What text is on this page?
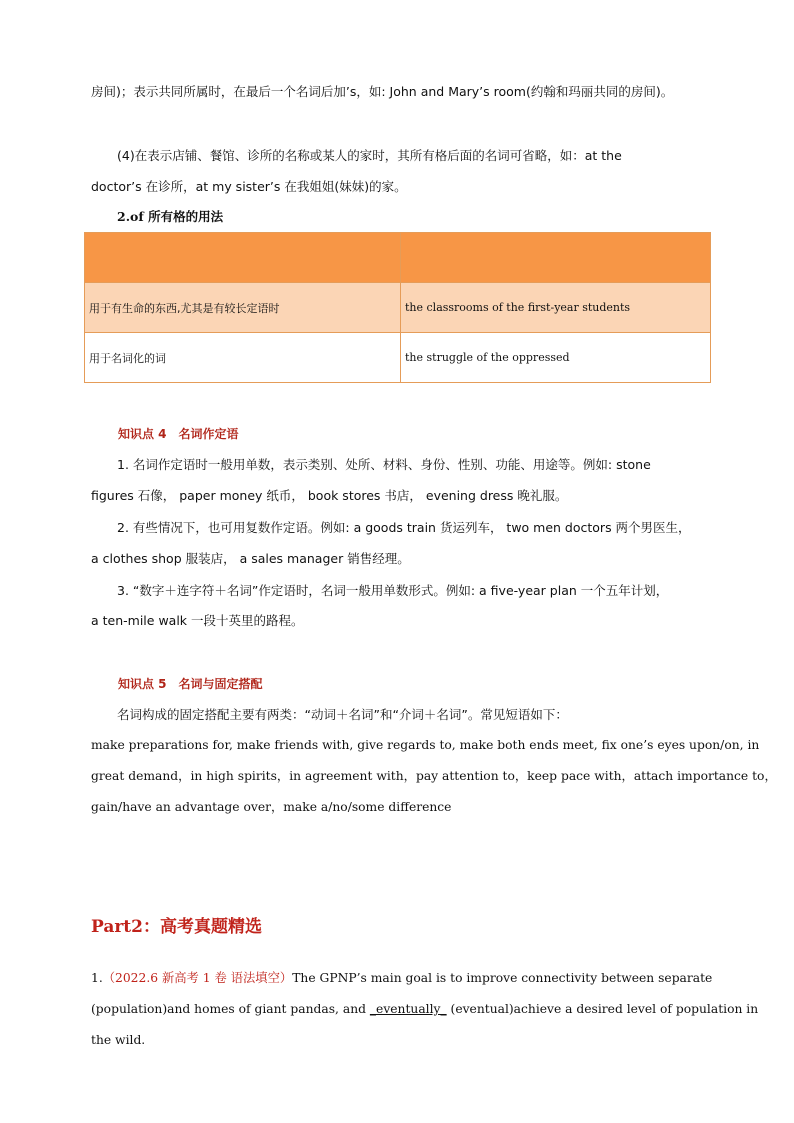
房间)；表示共同所属时，在最后一个名词后加’s，如: John and Mary’s room(约翰和玛丽共同的房间)。
(4)在表示店铺、餐馆、诊所的名称或某人的家时，其所有格后面的名词可省略，如：at the
doctor’s 在诊所，at my sister’s 在我姐姐(妹妹)的家。
2.of 所有格的用法

用于有生命的东西,尤其是有较长定语时	the classrooms of the first-year students
用于名词化的词	the struggle of the oppressed
知识点 4　名词作定语
1. 名词作定语时一般用单数，表示类别、处所、材料、身份、性别、功能、用途等。例如: stone
figures 石像， paper money 纸币， book stores 书店， evening dress 晚礼服。
2. 有些情况下，也可用复数作定语。例如: a goods train 货运列车， two men doctors 两个男医生，
a clothes shop 服装店， a sales manager 销售经理。
3. “数字＋连字符＋名词”作定语时，名词一般用单数形式。例如: a five-year plan 一个五年计划，
a ten-mile walk 一段十英里的路程。
知识点 5　名词与固定搭配
名词构成的固定搭配主要有两类：“动词＋名词”和“介词＋名词”。常见短语如下：
make preparations for, make friends with, give regards to, make both ends meet, fix one’s eyes upon/on, in
great demand，in high spirits，in agreement with，pay attention to，keep pace with，attach importance to，
gain/have an advantage over，make a/no/some difference
Part2：高考真题精选
1.（2022.6 新高考 1 卷 语法填空）The GPNP’s main goal is to improve connectivity between separate
(population)and homes of giant pandas, and _eventually_ (eventual)achieve a desired level of population in
the wild.
